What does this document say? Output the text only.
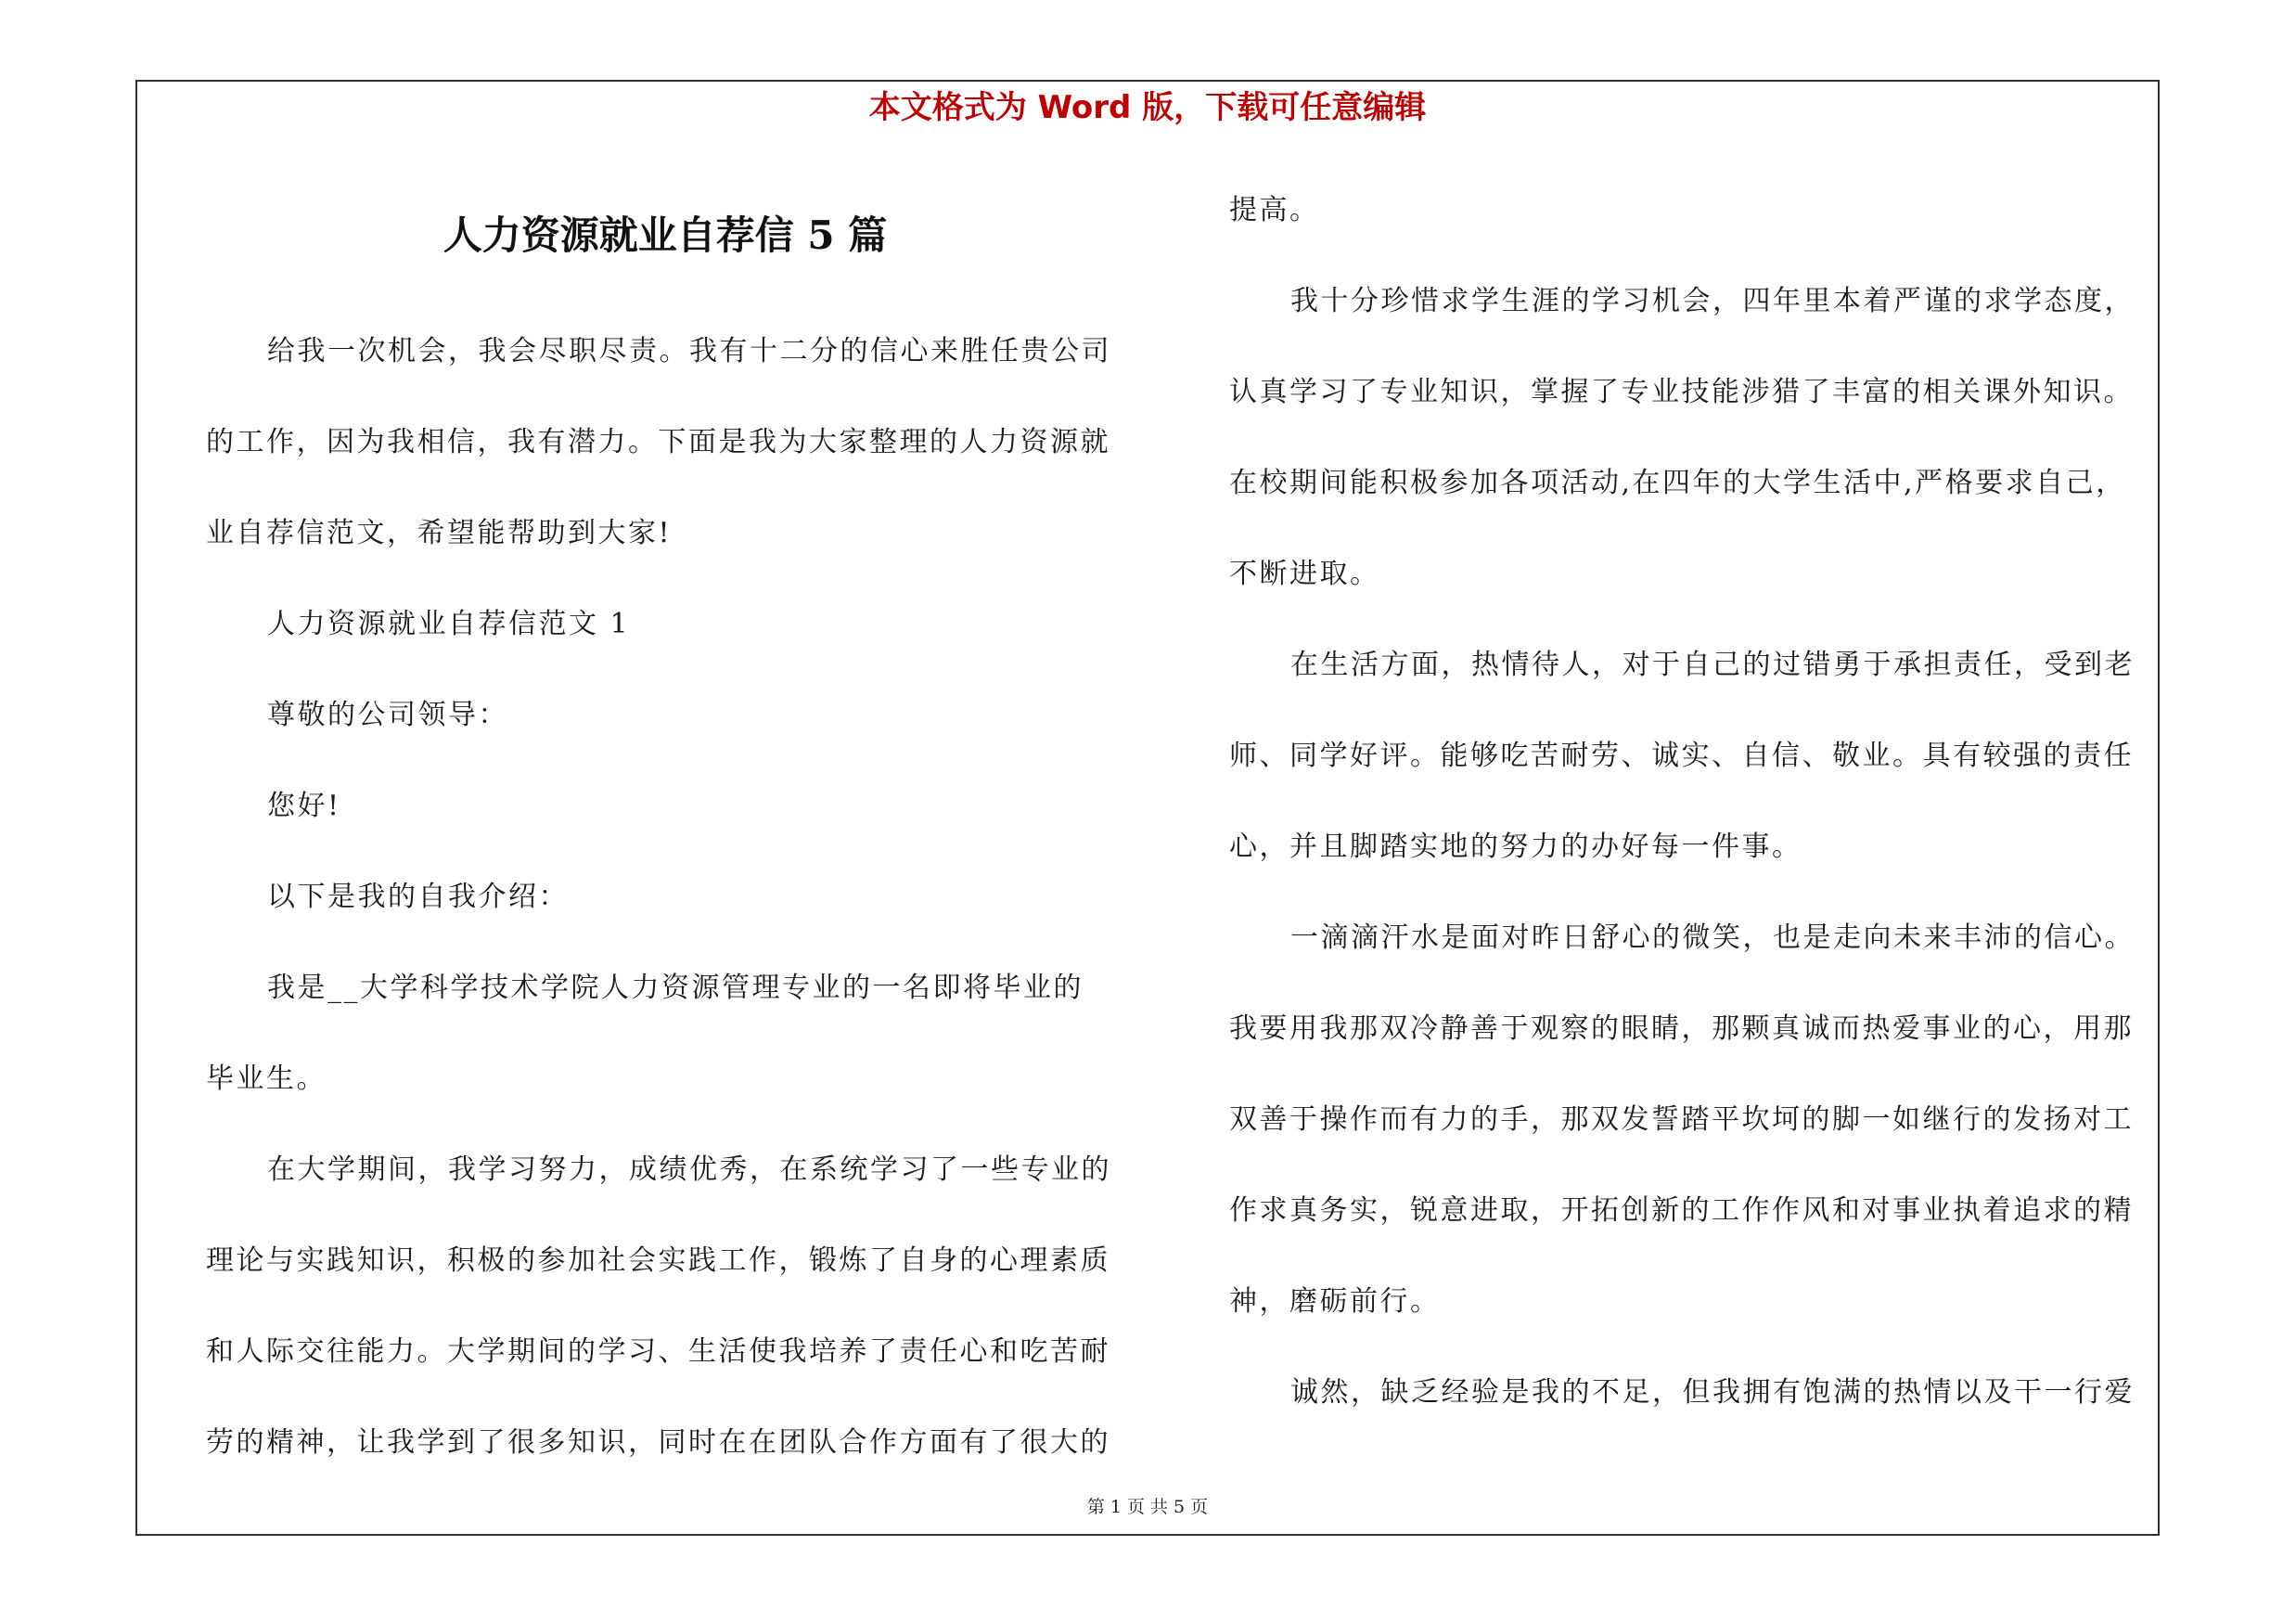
本文格式为 Word 版，下载可任意编辑
人力资源就业自荐信 5 篇
给我一次机会，我会尽职尽责。我有十二分的信心来胜任贵公司
的工作，因为我相信，我有潜力。下面是我为大家整理的人力资源就
业自荐信范文，希望能帮助到大家!
人力资源就业自荐信范文 1
尊敬的公司领导：
您好!
以下是我的自我介绍：
我是__大学科学技术学院人力资源管理专业的一名即将毕业的
毕业生。
在大学期间，我学习努力，成绩优秀，在系统学习了一些专业的
理论与实践知识，积极的参加社会实践工作，锻炼了自身的心理素质
和人际交往能力。大学期间的学习、生活使我培养了责任心和吃苦耐
劳的精神，让我学到了很多知识，同时在在团队合作方面有了很大的
提高。
我十分珍惜求学生涯的学习机会，四年里本着严谨的求学态度，
认真学习了专业知识，掌握了专业技能涉猎了丰富的相关课外知识。
在校期间能积极参加各项活动,在四年的大学生活中,严格要求自己，
不断进取。
在生活方面，热情待人，对于自己的过错勇于承担责任，受到老
师、同学好评。能够吃苦耐劳、诚实、自信、敬业。具有较强的责任
心，并且脚踏实地的努力的办好每一件事。
一滴滴汗水是面对昨日舒心的微笑，也是走向未来丰沛的信心。
我要用我那双冷静善于观察的眼睛，那颗真诚而热爱事业的心，用那
双善于操作而有力的手，那双发誓踏平坎坷的脚一如继行的发扬对工
作求真务实，锐意进取，开拓创新的工作作风和对事业执着追求的精
神，磨砺前行。
诚然，缺乏经验是我的不足，但我拥有饱满的热情以及干一行爱
第 1 页 共 5 页
